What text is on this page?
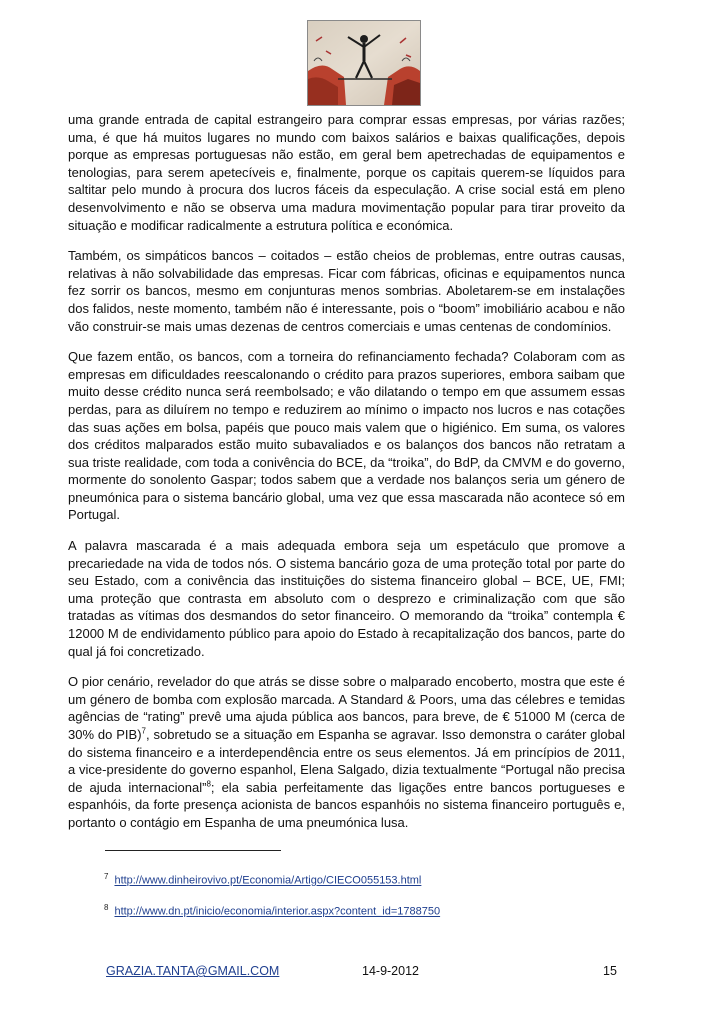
uma grande entrada de capital estrangeiro para comprar essas empresas, por várias razões; uma, é que há muitos lugares no mundo com baixos salários e baixas qualificações, depois porque as empresas portuguesas não estão, em geral bem apetrechadas de equipamentos e tenologias, para serem apetecíveis e, finalmente, porque os capitais querem-se líquidos para saltitar pelo mundo à procura dos lucros fáceis da especulação. A crise social está em pleno desenvolvimento e não se observa uma madura movimentação popular para tirar proveito da situação e modificar radicalmente a estrutura política e económica.

Também, os simpáticos bancos – coitados – estão cheios de problemas, entre outras causas, relativas à não solvabilidade das empresas. Ficar com fábricas, oficinas e equipamentos nunca fez sorrir os bancos, mesmo em conjunturas menos sombrias. Aboletarem-se em instalações dos falidos, neste momento, também não é interessante, pois o “boom” imobiliário acabou e não vão construir-se mais umas dezenas de centros comerciais e umas centenas de condomínios.

Que fazem então, os bancos, com a torneira do refinanciamento fechada? Colaboram com as empresas em dificuldades reescalonando o crédito para prazos superiores, embora saibam que muito desse crédito nunca será reembolsado; e vão dilatando o tempo em que assumem essas perdas, para as diluírem no tempo e reduzirem ao mínimo o impacto nos lucros e nas cotações das suas ações em bolsa, papéis que pouco mais valem que o higiénico. Em suma, os valores dos créditos malparados estão muito subavaliados e os balanços dos bancos não retratam a sua triste realidade, com toda a conivência do BCE, da “troika”, do BdP, da CMVM e do governo, mormente do sonolento Gaspar; todos sabem que a verdade nos balanços seria um género de pneumónica para o sistema bancário global, uma vez que essa mascarada não acontece só em Portugal.

A palavra mascarada é a mais adequada embora seja um espetáculo que promove a precariedade na vida de todos nós. O sistema bancário goza de uma proteção total por parte do seu Estado, com a conivência das instituições do sistema financeiro global – BCE, UE, FMI; uma proteção que contrasta em absoluto com o desprezo e criminalização com que são tratadas as vítimas dos desmandos do setor financeiro. O memorando da “troika” contempla € 12000 M de endividamento público para apoio do Estado à recapitalização dos bancos, parte do qual já foi concretizado.

O pior cenário, revelador do que atrás se disse sobre o malparado encoberto, mostra que este é um género de bomba com explosão marcada. A Standard & Poors, uma das célebres e temidas agências de “rating” prevê uma ajuda pública aos bancos, para breve, de € 51000 M (cerca de 30% do PIB)$^7$, sobretudo se a situação em Espanha se agravar. Isso demonstra o caráter global do sistema financeiro e a interdependência entre os seus elementos. Já em princípios de 2011, a vice-presidente do governo espanhol, Elena Salgado, dizia textualmente “Portugal não precisa de ajuda internacional”$^8$; ela sabia perfeitamente das ligações entre bancos portugueses e espanhóis, da forte presença acionista de bancos espanhóis no sistema financeiro português e, portanto o contágio em Espanha de uma pneumónica lusa.

$^7$ http://www.dinheirovivo.pt/Economia/Artigo/CIECO055153.html
$^8$ http://www.dn.pt/inicio/economia/interior.aspx?content_id=1788750
GRAZIA.TANTA@GMAIL.COM	14-9-2012	15
